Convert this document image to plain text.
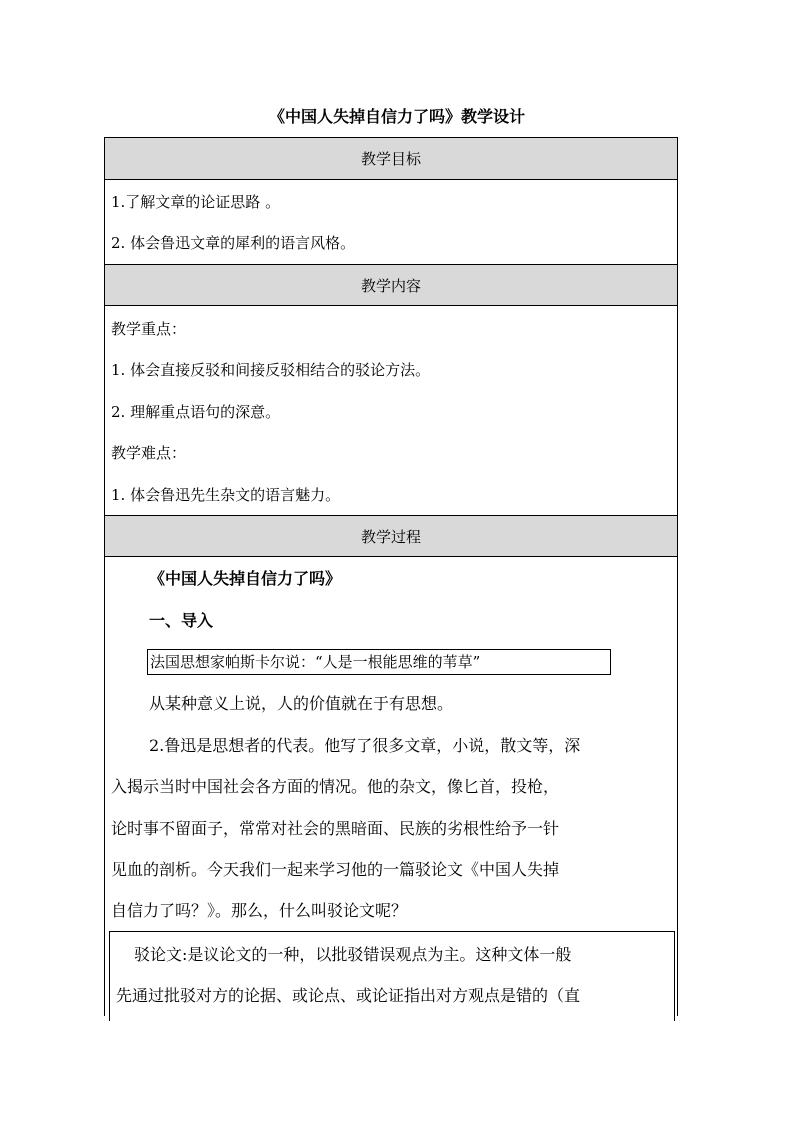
《中国人失掉自信力了吗》教学设计
教学目标
1.了解文章的论证思路 。
2. 体会鲁迅文章的犀利的语言风格。
教学内容
教学重点：
1. 体会直接反驳和间接反驳相结合的驳论方法。
2. 理解重点语句的深意。
教学难点：
1. 体会鲁迅先生杂文的语言魅力。
教学过程
《中国人失掉自信力了吗》
一、导入
法国思想家帕斯卡尔说：“人是一根能思维的苇草”
从某种意义上说，人的价值就在于有思想。
2.鲁迅是思想者的代表。他写了很多文章，小说，散文等，深
入揭示当时中国社会各方面的情况。他的杂文，像匕首，投枪，
论时事不留面子，常常对社会的黑暗面、民族的劣根性给予一针
见血的剖析。今天我们一起来学习他的一篇驳论文《中国人失掉
自信力了吗？》。那么，什么叫驳论文呢？
驳论文:是议论文的一种，以批驳错误观点为主。这种文体一般
先通过批驳对方的论据、或论点、或论证指出对方观点是错的（直
